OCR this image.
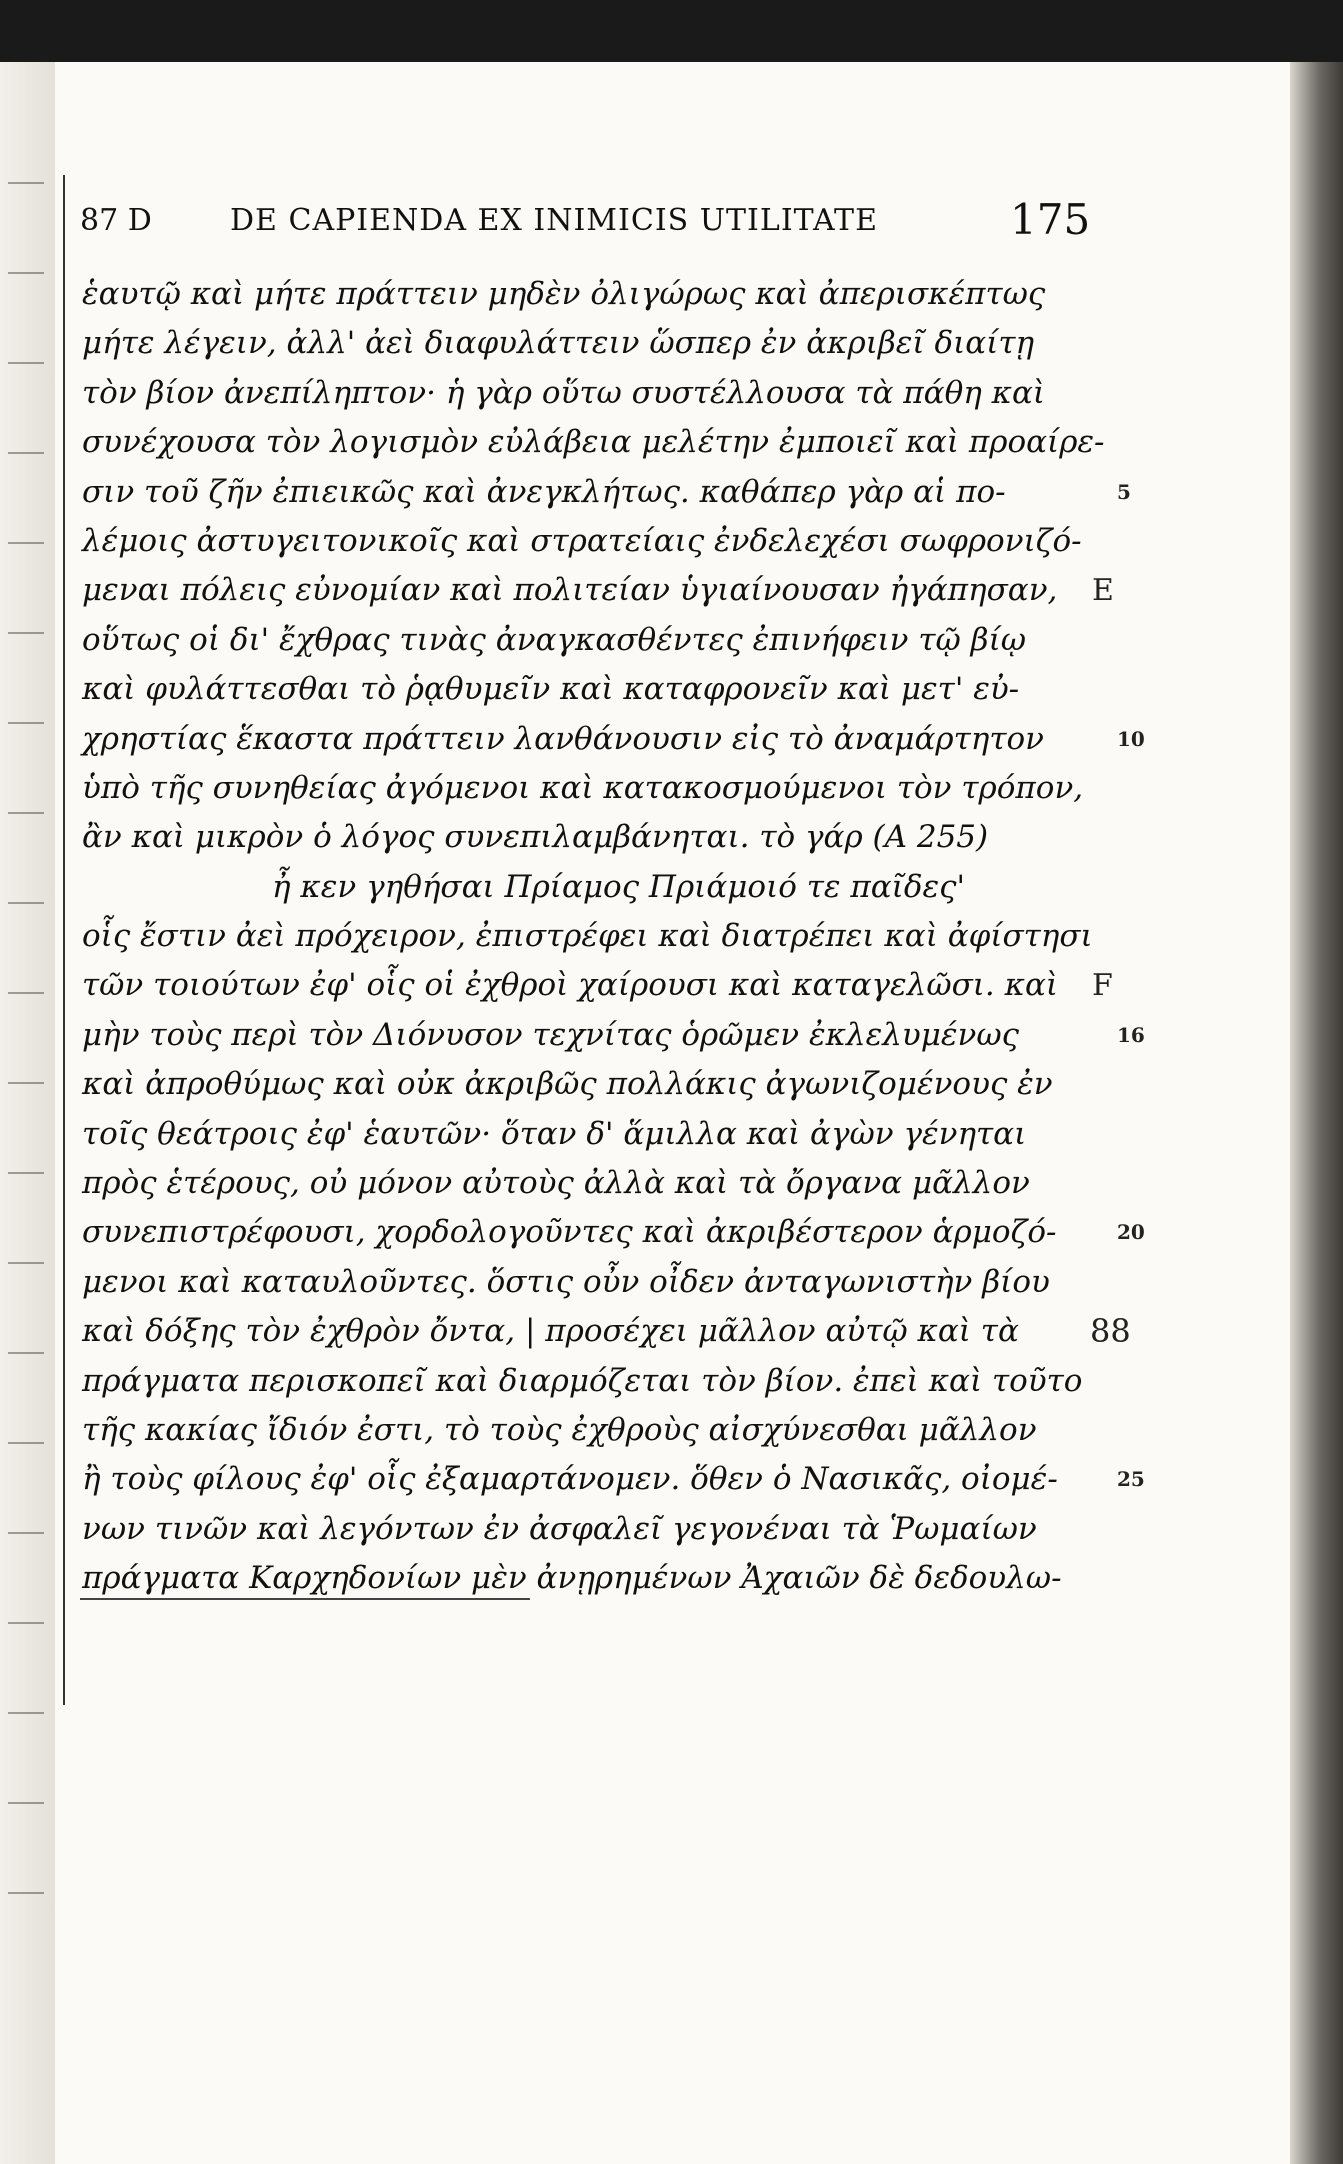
87 D	DE CAPIENDA EX INIMICIS UTILITATE	175
ἑαυτῷ καὶ μήτε πράττειν μηδὲν ὀλιγώρως καὶ ἀπερισκέπτως
μήτε λέγειν, ἀλλ' ἀεὶ διαφυλάττειν ὥσπερ ἐν ἀκριβεῖ διαίτῃ
τὸν βίον ἀνεπίληπτον· ἡ γὰρ οὕτω συστέλλουσα τὰ πάθη καὶ
συνέχουσα τὸν λογισμὸν εὐλάβεια μελέτην ἐμποιεῖ καὶ προαίρε-
σιν τοῦ ζῆν ἐπιεικῶς καὶ ἀνεγκλήτως. καθάπερ γὰρ αἱ πο-	5
λέμοις ἀστυγειτονικοῖς καὶ στρατείαις ἐνδελεχέσι σωφρονιζό-
μεναι πόλεις εὐνομίαν καὶ πολιτείαν ὑγιαίνουσαν ἠγάπησαν, E
οὕτως οἱ δι' ἔχθρας τινὰς ἀναγκασθέντες ἐπινήφειν τῷ βίῳ
καὶ φυλάττεσθαι τὸ ῥᾳθυμεῖν καὶ καταφρονεῖν καὶ μετ' εὐ-
χρηστίας ἕκαστα πράττειν λανθάνουσιν εἰς τὸ ἀναμάρτητον	10
ὑπὸ τῆς συνηθείας ἀγόμενοι καὶ κατακοσμούμενοι τὸν τρόπον,
ἂν καὶ μικρὸν ὁ λόγος συνεπιλαμβάνηται. τὸ γάρ (Α 255)
ἦ κεν γηθήσαι Πρίαμος Πριάμοιό τε παῖδες'
οἷς ἔστιν ἀεὶ πρόχειρον, ἐπιστρέφει καὶ διατρέπει καὶ ἀφίστησι
τῶν τοιούτων ἐφ' οἷς οἱ ἐχθροὶ χαίρουσι καὶ καταγελῶσι. καὶ F
μὴν τοὺς περὶ τὸν Διόνυσον τεχνίτας ὁρῶμεν ἐκλελυμένως	16
καὶ ἀπροθύμως καὶ οὐκ ἀκριβῶς πολλάκις ἀγωνιζομένους ἐν
τοῖς θεάτροις ἐφ' ἑαυτῶν· ὅταν δ' ἅμιλλα καὶ ἀγὼν γένηται
πρὸς ἑτέρους, οὐ μόνον αὐτοὺς ἀλλὰ καὶ τὰ ὄργανα μᾶλλον
συνεπιστρέφουσι, χορδολογοῦντες καὶ ἀκριβέστερον ἁρμοζό-	20
μενοι καὶ καταυλοῦντες. ὅστις οὖν οἶδεν ἀνταγωνιστὴν βίου
καὶ δόξης τὸν ἐχθρὸν ὄντα, | προσέχει μᾶλλον αὐτῷ καὶ τὰ 88
πράγματα περισκοπεῖ καὶ διαρμόζεται τὸν βίον. ἐπεὶ καὶ τοῦτο
τῆς κακίας ἴδιόν ἐστι, τὸ τοὺς ἐχθροὺς αἰσχύνεσθαι μᾶλλον
ἢ τοὺς φίλους ἐφ' οἷς ἐξαμαρτάνομεν. ὅθεν ὁ Νασικᾶς, οἰομέ-	25
νων τινῶν καὶ λεγόντων ἐν ἀσφαλεῖ γεγονέναι τὰ Ῥωμαίων
πράγματα Καρχηδονίων μὲν ἀνῃρημένων Ἀχαιῶν δὲ δεδουλω-
